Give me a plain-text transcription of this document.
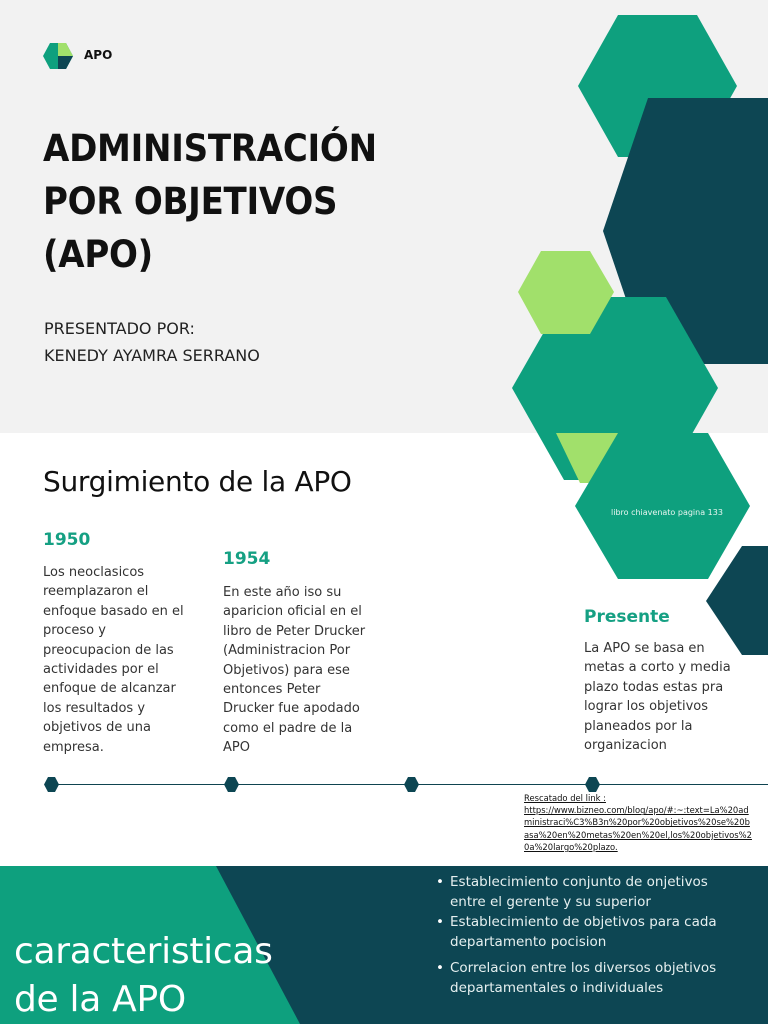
APO
ADMINISTRACIÓN
POR OBJETIVOS
(APO)
PRESENTADO POR:
KENEDY AYAMRA SERRANO
libro chiavenato pagina 133
Surgimiento de la APO
1950
Los neoclasicos reemplazaron el enfoque basado en el proceso y preocupacion de las actividades por el enfoque de alcanzar los resultados y objetivos de una empresa.
1954
En este año iso su aparicion oficial en el libro de Peter Drucker (Administracion Por Objetivos) para ese entonces Peter Drucker fue apodado como el padre de la APO
Presente
La APO se basa en metas a corto y media plazo todas estas pra lograr los objetivos planeados por la organizacion
Rescatado del link :
https://www.bizneo.com/blog/apo/#:~:text=La%20administraci%C3%B3n%20por%20objetivos%20se%20basa%20en%20metas%20en%20el,los%20objetivos%20a%20largo%20plazo.
caracteristicas
de la APO
• Establecimiento conjunto de onjetivos entre el gerente y su superior
• Establecimiento de objetivos para cada departamento pocision
• Correlacion entre los diversos objetivos departamentales o individuales
